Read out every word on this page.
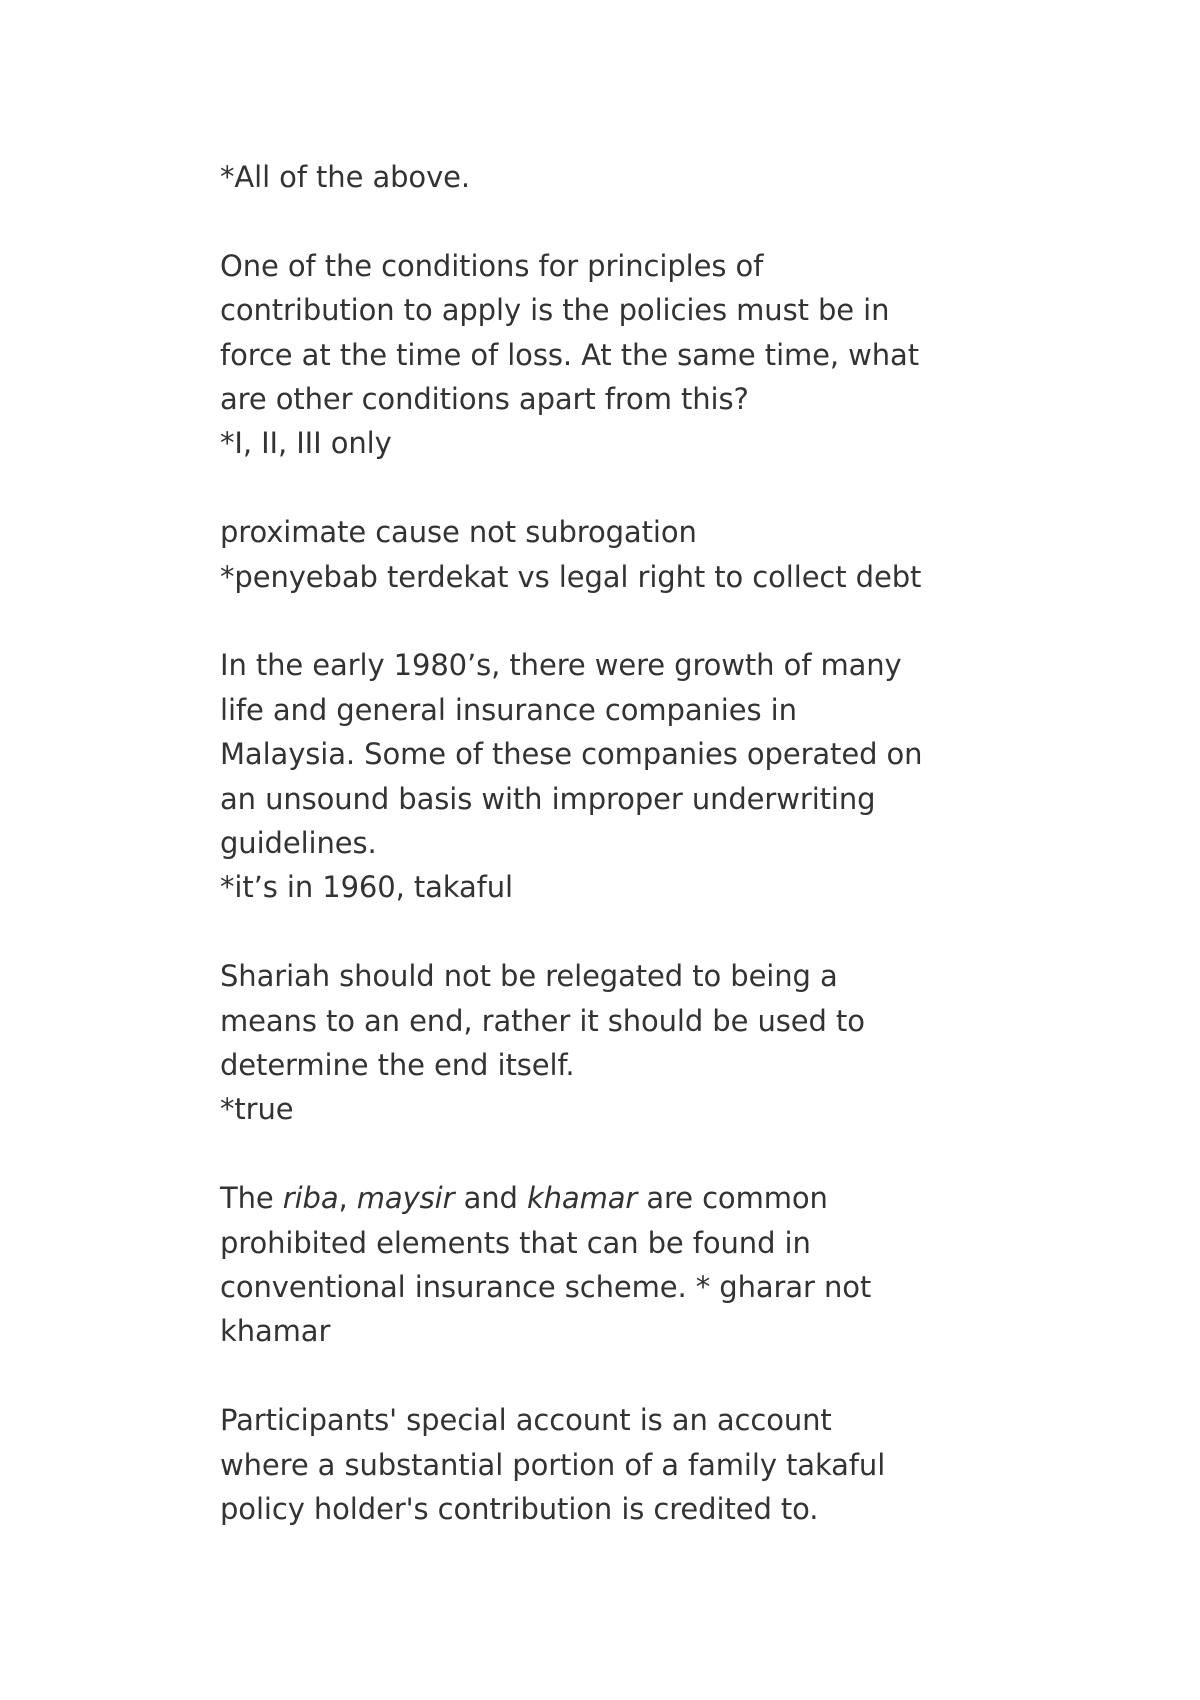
*All of the above.
One of the conditions for principles of
contribution to apply is the policies must be in
force at the time of loss. At the same time, what
are other conditions apart from this?
*I, II, III only
proximate cause not subrogation
*penyebab terdekat vs legal right to collect debt
In the early 1980’s, there were growth of many
life and general insurance companies in
Malaysia. Some of these companies operated on
an unsound basis with improper underwriting
guidelines.
*it’s in 1960, takaful
Shariah should not be relegated to being a
means to an end, rather it should be used to
determine the end itself.
*true
The riba, maysir and khamar are common
prohibited elements that can be found in
conventional insurance scheme. * gharar not
khamar
Participants' special account is an account
where a substantial portion of a family takaful
policy holder's contribution is credited to.
